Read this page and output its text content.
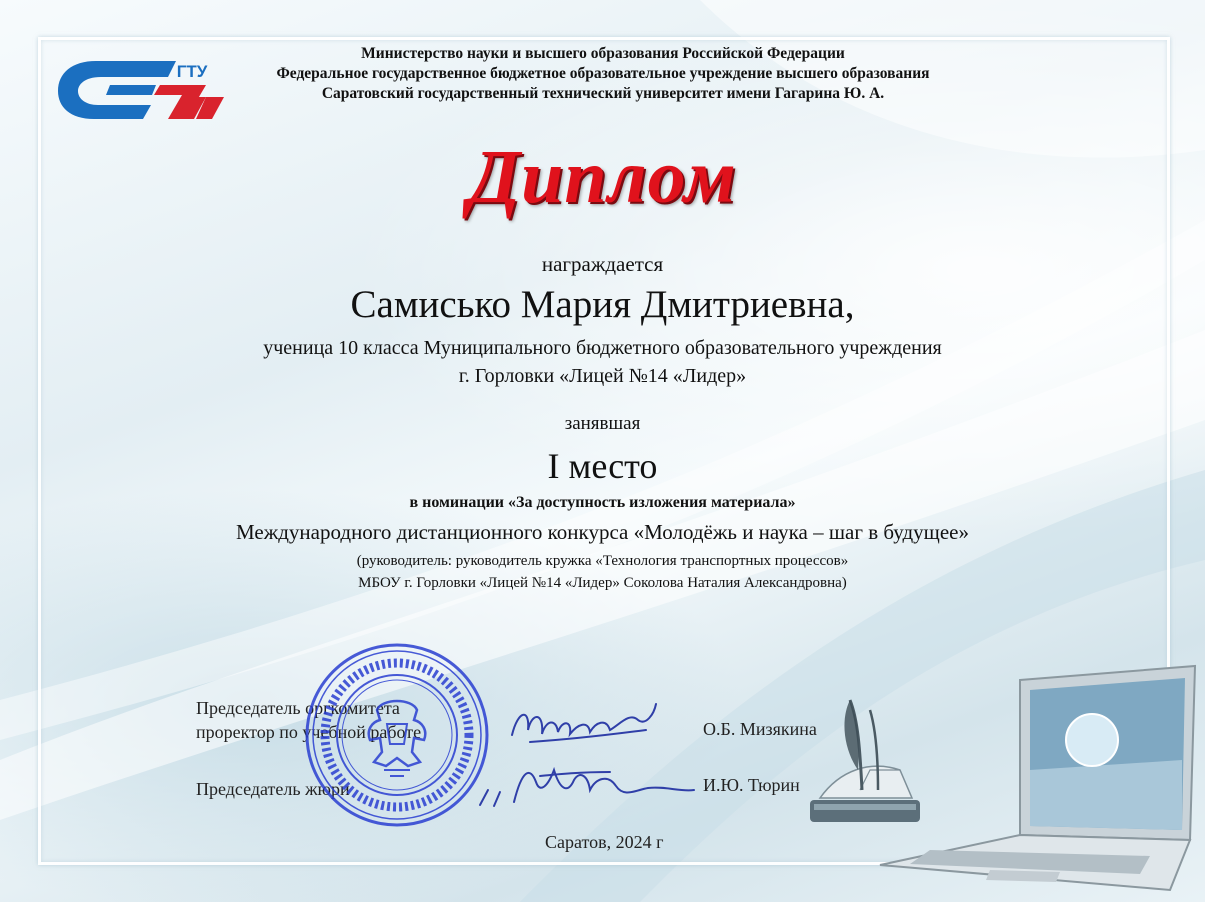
ГТУ
Министерство науки и высшего образования Российской Федерации
Федеральное государственное бюджетное образовательное учреждение высшего образования
Саратовский государственный технический университет имени Гагарина Ю. А.
Диплом
награждается
Самисько Мария Дмитриевна,
ученица 10 класса Муниципального бюджетного образовательного учреждения
г. Горловки «Лицей №14 «Лидер»
занявшая
I место
в номинации «За доступность изложения материала»
Международного дистанционного конкурса «Молодёжь и наука – шаг в будущее»
(руководитель: руководитель кружка «Технология транспортных процессов»
МБОУ г. Горловки «Лицей №14 «Лидер» Соколова Наталия Александровна)
Председатель оргкомитета
проректор по учебной работе	О.Б. Мизякина
Председатель жюри	И.Ю. Тюрин
Саратов, 2024 г
